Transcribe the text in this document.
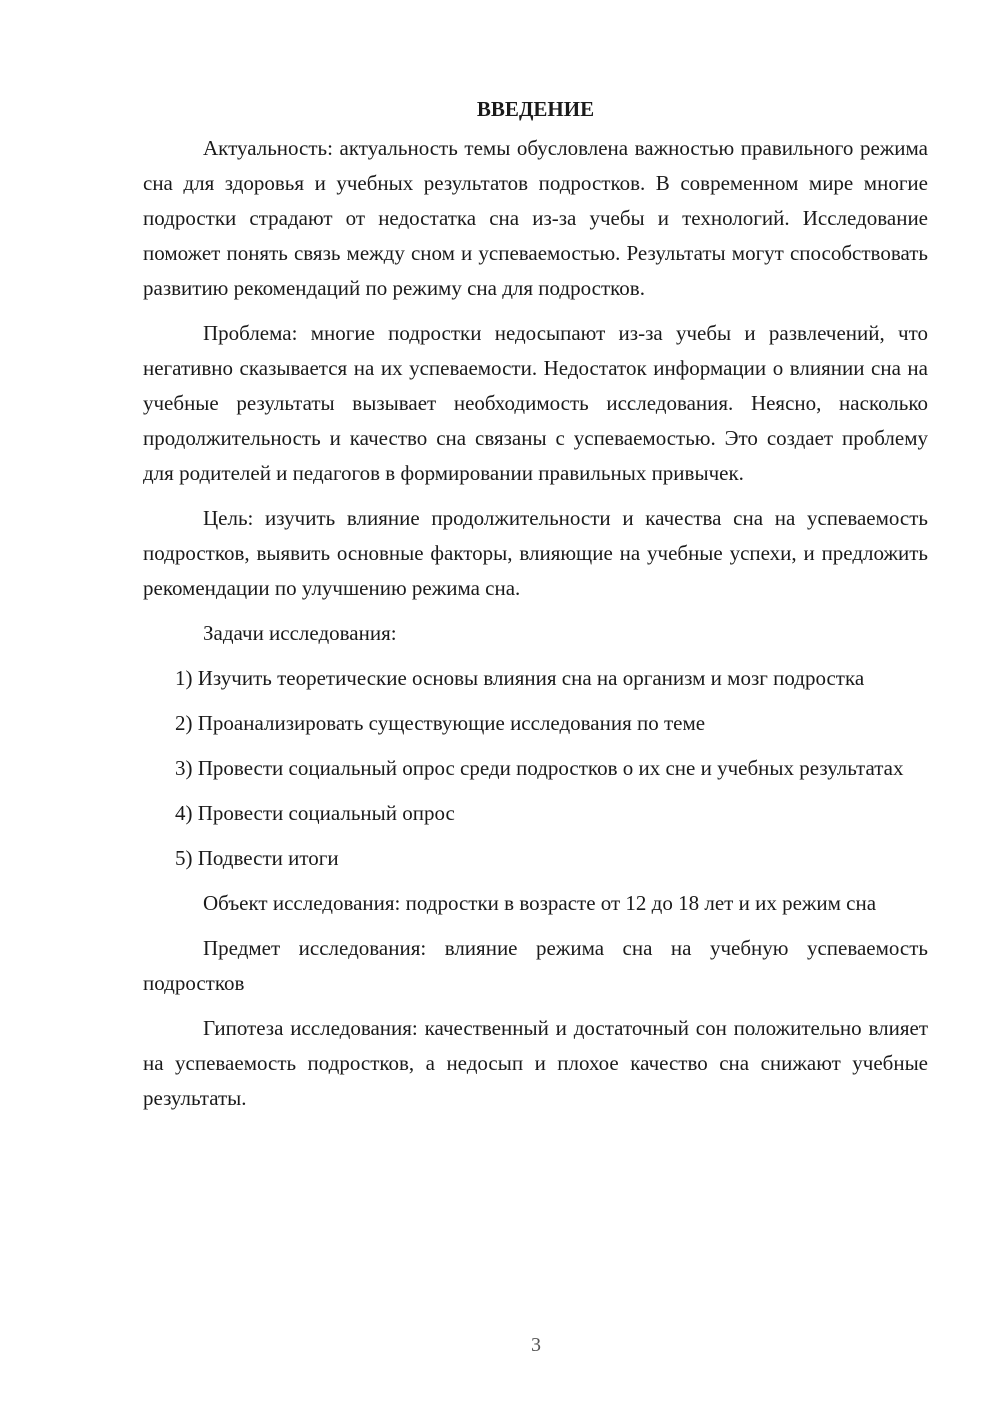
ВВЕДЕНИЕ

Актуальность: актуальность темы обусловлена важностью правильного режима сна для здоровья и учебных результатов подростков. В современном мире многие подростки страдают от недостатка сна из-за учебы и технологий. Исследование поможет понять связь между сном и успеваемостью. Результаты могут способствовать развитию рекомендаций по режиму сна для подростков.

Проблема: многие подростки недосыпают из-за учебы и развлечений, что негативно сказывается на их успеваемости. Недостаток информации о влиянии сна на учебные результаты вызывает необходимость исследования. Неясно, насколько продолжительность и качество сна связаны с успеваемостью. Это создает проблему для родителей и педагогов в формировании правильных привычек.

Цель: изучить влияние продолжительности и качества сна на успеваемость подростков, выявить основные факторы, влияющие на учебные успехи, и предложить рекомендации по улучшению режима сна.

Задачи исследования:

1) Изучить теоретические основы влияния сна на организм и мозг подростка

2) Проанализировать существующие исследования по теме

3) Провести социальный опрос среди подростков о их сне и учебных результатах

4) Провести социальный опрос

5) Подвести итоги

Объект исследования: подростки в возрасте от 12 до 18 лет и их режим сна

Предмет исследования: влияние режима сна на учебную успеваемость подростков

Гипотеза исследования: качественный и достаточный сон положительно влияет на успеваемость подростков, а недосып и плохое качество сна снижают учебные результаты.

3
